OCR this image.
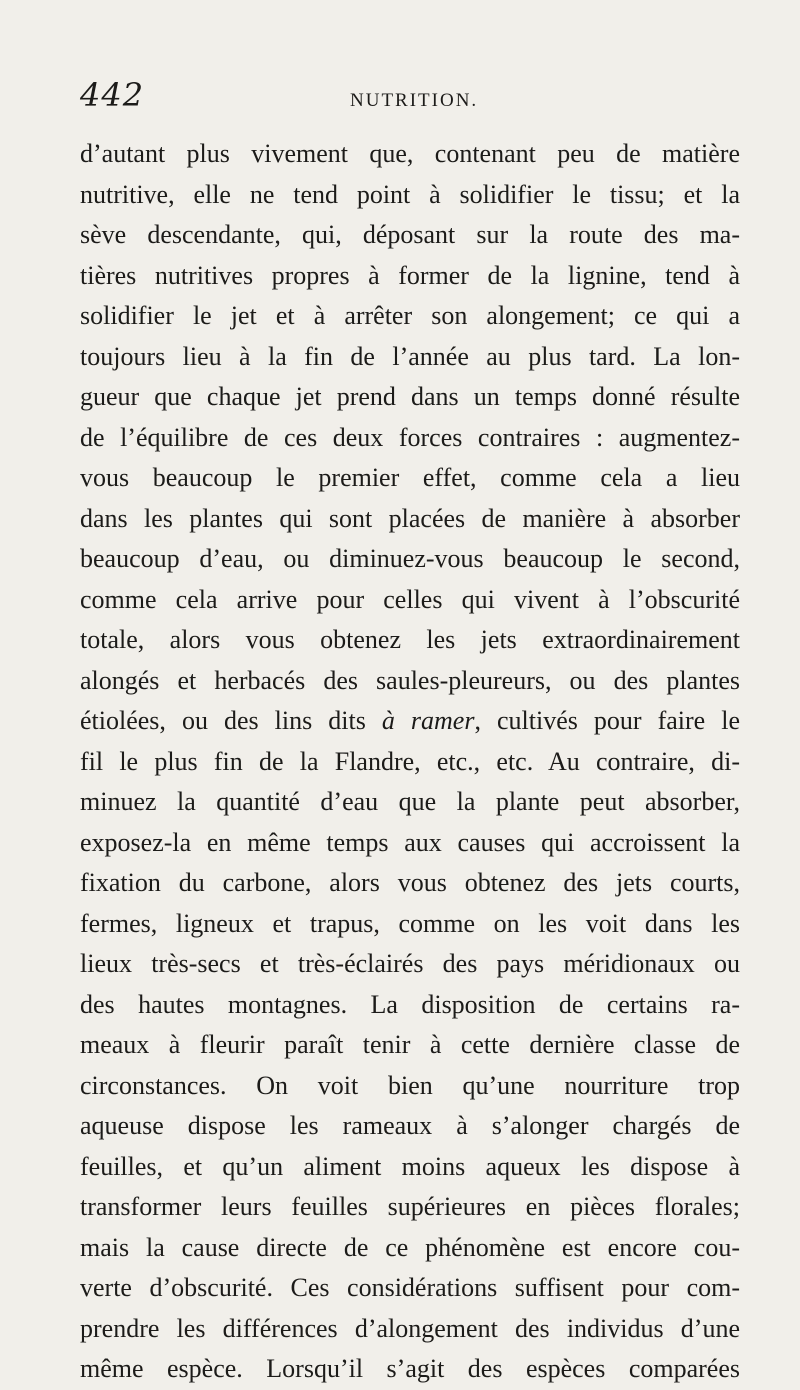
442	NUTRITION.
d’autant plus vivement que, contenant peu de matière
nutritive, elle ne tend point à solidifier le tissu; et la
sève descendante, qui, déposant sur la route des ma-
tières nutritives propres à former de la lignine, tend à
solidifier le jet et à arrêter son alongement; ce qui a
toujours lieu à la fin de l’année au plus tard. La lon-
gueur que chaque jet prend dans un temps donné résulte
de l’équilibre de ces deux forces contraires : augmentez-
vous beaucoup le premier effet, comme cela a lieu
dans les plantes qui sont placées de manière à absorber
beaucoup d’eau, ou diminuez-vous beaucoup le second,
comme cela arrive pour celles qui vivent à l’obscurité
totale, alors vous obtenez les jets extraordinairement
alongés et herbacés des saules-pleureurs, ou des plantes
étiolées, ou des lins dits à ramer, cultivés pour faire le
fil le plus fin de la Flandre, etc., etc. Au contraire, di-
minuez la quantité d’eau que la plante peut absorber,
exposez-la en même temps aux causes qui accroissent la
fixation du carbone, alors vous obtenez des jets courts,
fermes, ligneux et trapus, comme on les voit dans les
lieux très-secs et très-éclairés des pays méridionaux ou
des hautes montagnes. La disposition de certains ra-
meaux à fleurir paraît tenir à cette dernière classe de
circonstances. On voit bien qu’une nourriture trop
aqueuse dispose les rameaux à s’alonger chargés de
feuilles, et qu’un aliment moins aqueux les dispose à
transformer leurs feuilles supérieures en pièces florales;
mais la cause directe de ce phénomène est encore cou-
verte d’obscurité. Ces considérations suffisent pour com-
prendre les différences d’alongement des individus d’une
même espèce. Lorsqu’il s’agit des espèces comparées
